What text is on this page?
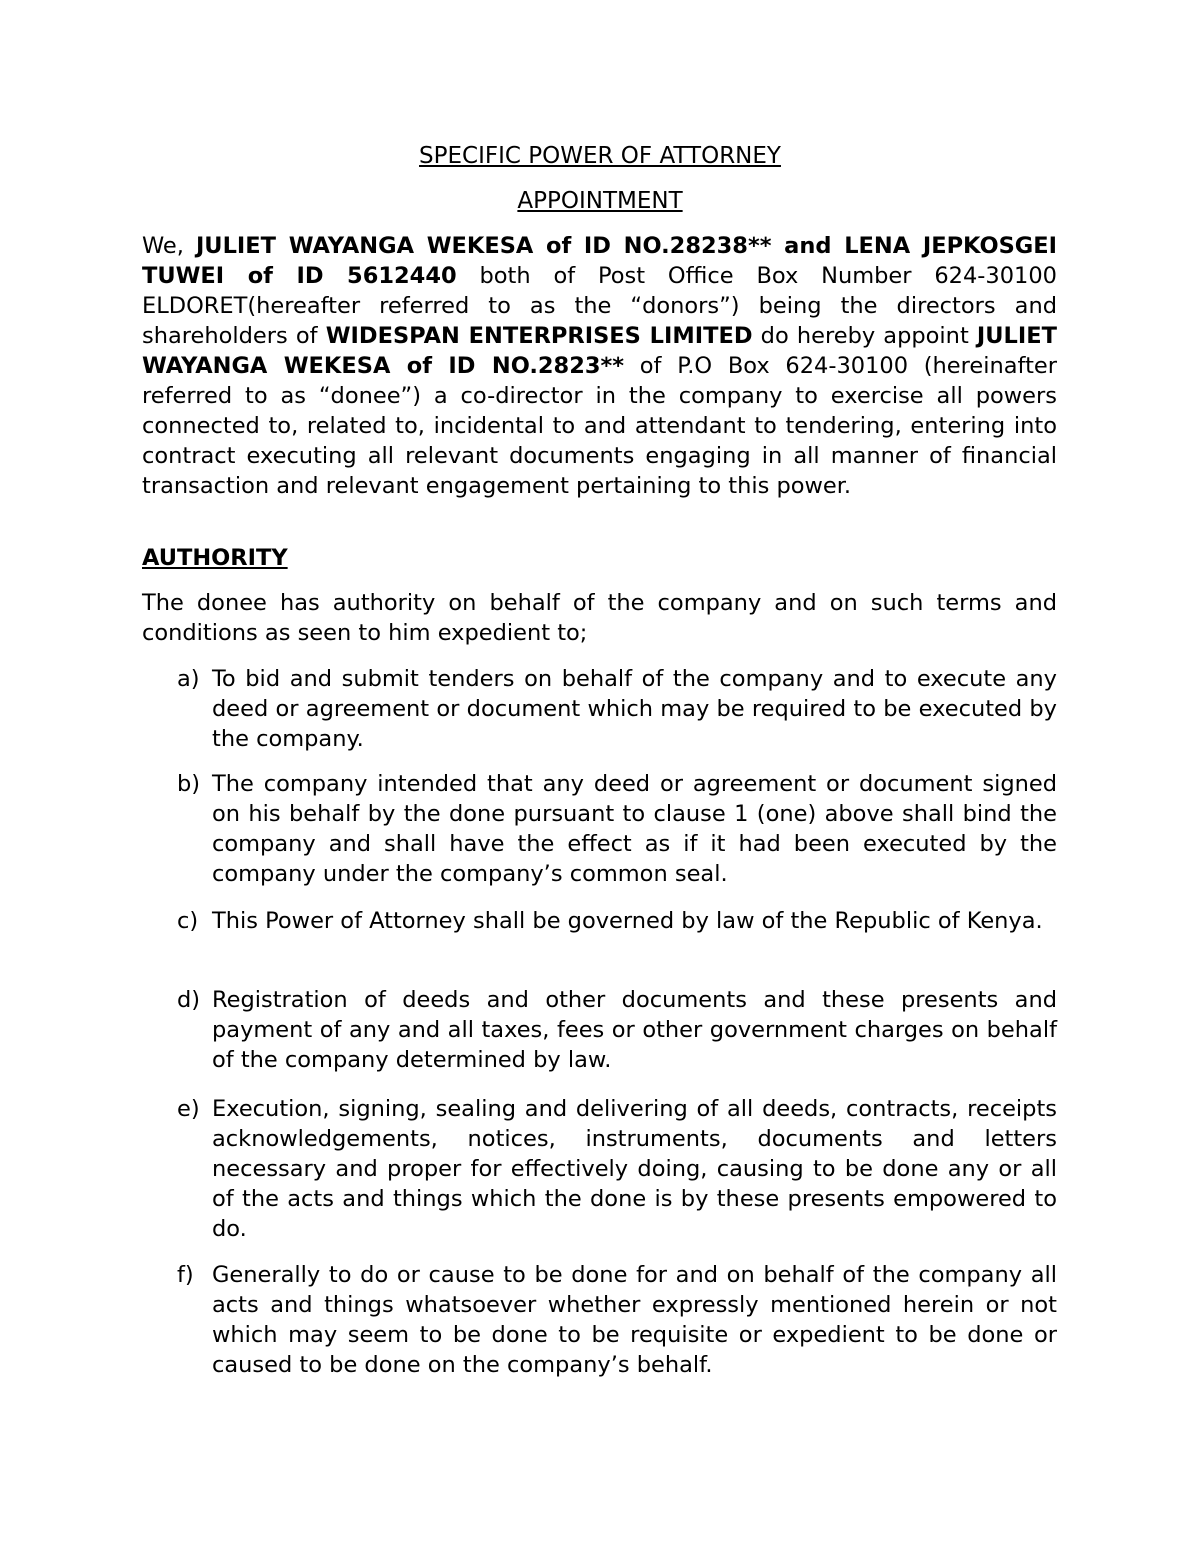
SPECIFIC POWER OF ATTORNEY
APPOINTMENT
We, JULIET WAYANGA WEKESA of ID NO.28238** and LENA JEPKOSGEI TUWEI of ID 5612440 both of Post Office Box Number 624-30100 ELDORET(hereafter referred to as the “donors”) being the directors and shareholders of WIDESPAN ENTERPRISES LIMITED do hereby appoint JULIET WAYANGA WEKESA of ID NO.2823** of P.O Box 624-30100 (hereinafter referred to as “donee”) a co-director in the company to exercise all powers connected to, related to, incidental to and attendant to tendering, entering into contract executing all relevant documents engaging in all manner of financial transaction and relevant engagement pertaining to this power.
AUTHORITY
The donee has authority on behalf of the company and on such terms and conditions as seen to him expedient to;
a) To bid and submit tenders on behalf of the company and to execute any deed or agreement or document which may be required to be executed by the company.
b) The company intended that any deed or agreement or document signed on his behalf by the done pursuant to clause 1 (one) above shall bind the company and shall have the effect as if it had been executed by the company under the company’s common seal.
c) This Power of Attorney shall be governed by law of the Republic of Kenya.
d) Registration of deeds and other documents and these presents and payment of any and all taxes, fees or other government charges on behalf of the company determined by law.
e) Execution, signing, sealing and delivering of all deeds, contracts, receipts acknowledgements, notices, instruments, documents and letters necessary and proper for effectively doing, causing to be done any or all of the acts and things which the done is by these presents empowered to do.
f) Generally to do or cause to be done for and on behalf of the company all acts and things whatsoever whether expressly mentioned herein or not which may seem to be done to be requisite or expedient to be done or caused to be done on the company’s behalf.
